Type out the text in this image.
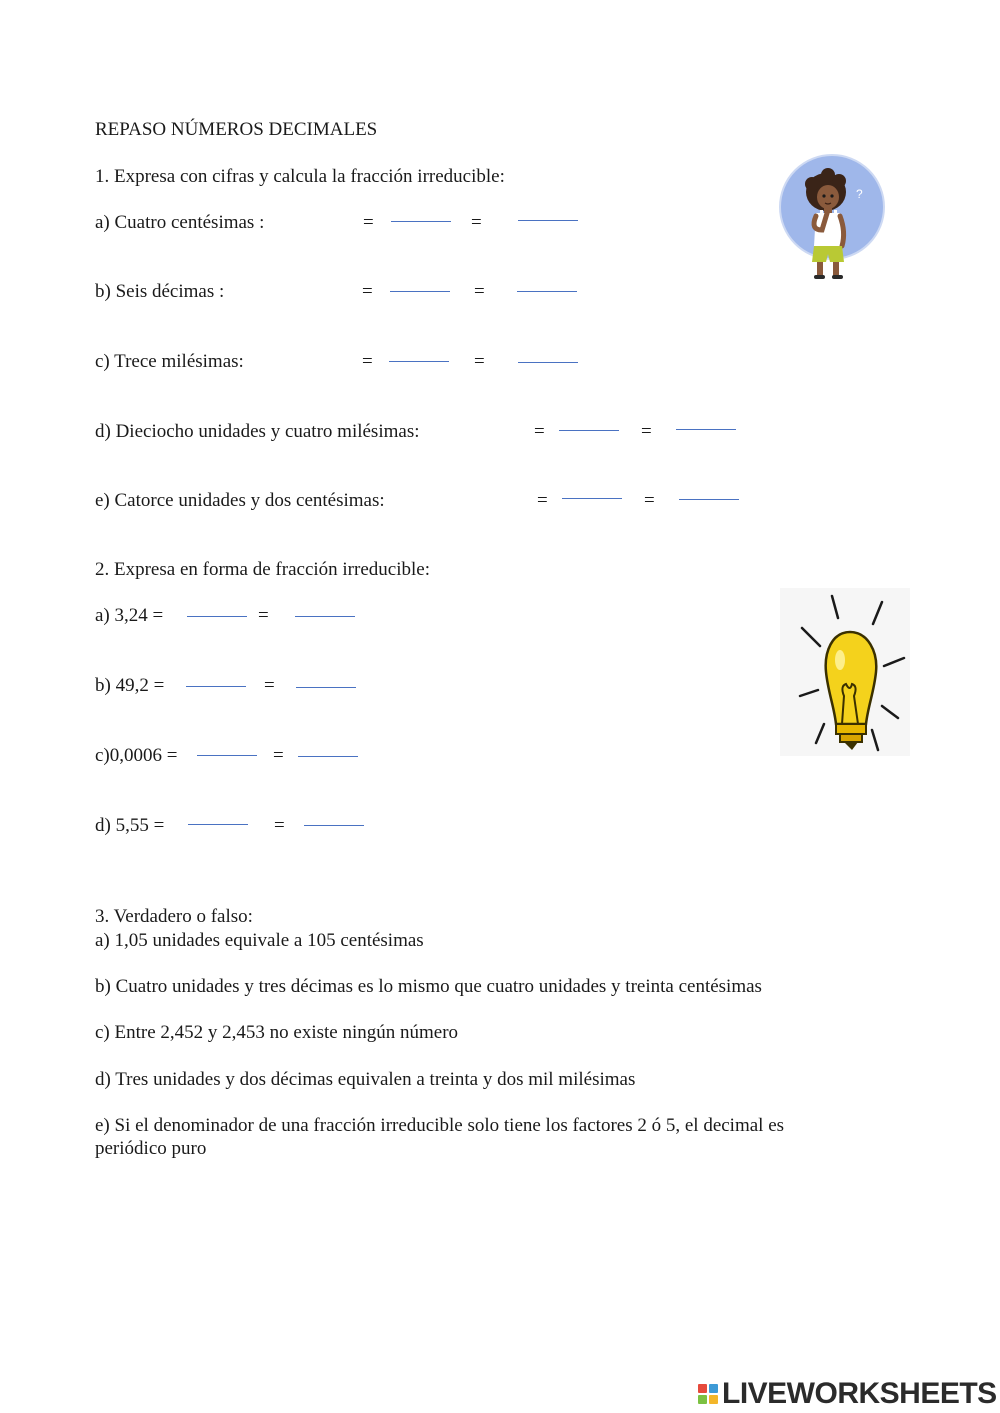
REPASO NÚMEROS DECIMALES
1. Expresa con cifras y calcula la fracción irreducible:
a) Cuatro centésimas :	=	=
b) Seis décimas :	=	=
c) Trece milésimas:	=	=
d) Dieciocho unidades y cuatro milésimas:	=	=
e) Catorce unidades y dos centésimas:	=	=
2. Expresa en forma de fracción irreducible:
a) 3,24 =	=
b) 49,2 =	=
c)0,0006 =	=
d) 5,55 =	=
3. Verdadero o falso:
a) 1,05 unidades equivale a 105 centésimas
b) Cuatro unidades y tres décimas es lo mismo que cuatro unidades y treinta centésimas
c) Entre 2,452 y 2,453 no existe ningún número
d) Tres unidades y dos décimas equivalen a treinta y dos mil milésimas
e) Si el denominador de una fracción irreducible solo tiene los factores 2 ó 5, el decimal es
periódico puro
?
LIVEWORKSHEETS
